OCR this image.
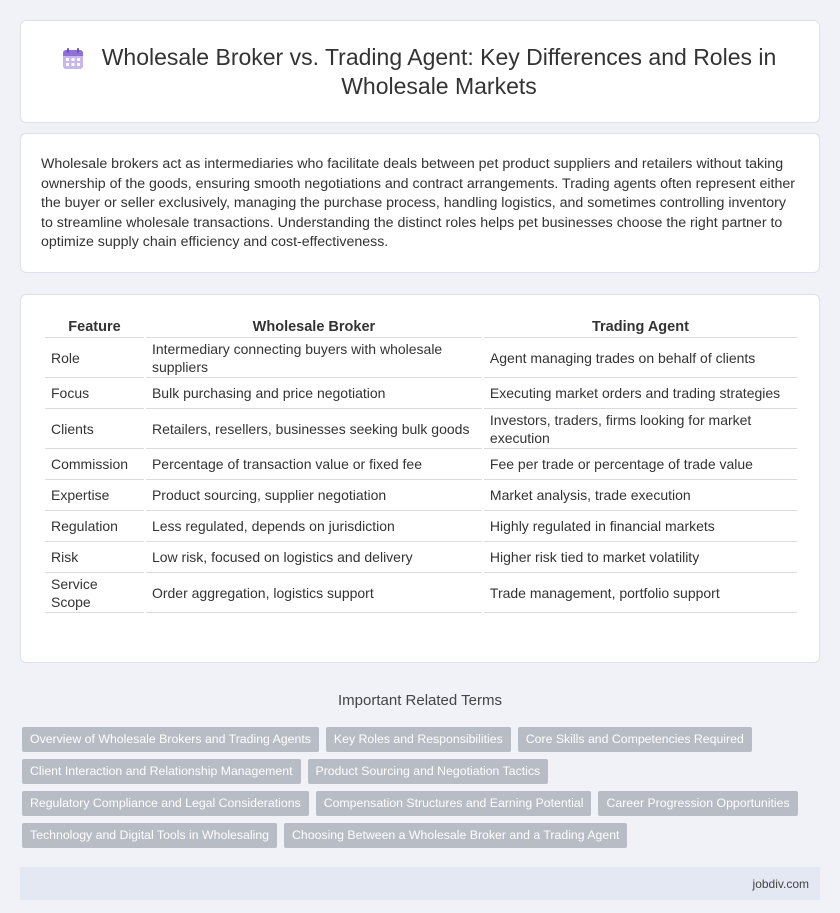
Wholesale Broker vs. Trading Agent: Key Differences and Roles in Wholesale Markets

Wholesale brokers act as intermediaries who facilitate deals between pet product suppliers and retailers without taking ownership of the goods, ensuring smooth negotiations and contract arrangements. Trading agents often represent either the buyer or seller exclusively, managing the purchase process, handling logistics, and sometimes controlling inventory to streamline wholesale transactions. Understanding the distinct roles helps pet businesses choose the right partner to optimize supply chain efficiency and cost-effectiveness.

Feature	Wholesale Broker	Trading Agent
Role	Intermediary connecting buyers with wholesale suppliers	Agent managing trades on behalf of clients
Focus	Bulk purchasing and price negotiation	Executing market orders and trading strategies
Clients	Retailers, resellers, businesses seeking bulk goods	Investors, traders, firms looking for market execution
Commission	Percentage of transaction value or fixed fee	Fee per trade or percentage of trade value
Expertise	Product sourcing, supplier negotiation	Market analysis, trade execution
Regulation	Less regulated, depends on jurisdiction	Highly regulated in financial markets
Risk	Low risk, focused on logistics and delivery	Higher risk tied to market volatility
Service Scope	Order aggregation, logistics support	Trade management, portfolio support
Important Related Terms
Overview of Wholesale Brokers and Trading Agents	Key Roles and Responsibilities	Core Skills and Competencies Required
Client Interaction and Relationship Management	Product Sourcing and Negotiation Tactics
Regulatory Compliance and Legal Considerations	Compensation Structures and Earning Potential	Career Progression Opportunities
Technology and Digital Tools in Wholesaling	Choosing Between a Wholesale Broker and a Trading Agent
jobdiv.com
